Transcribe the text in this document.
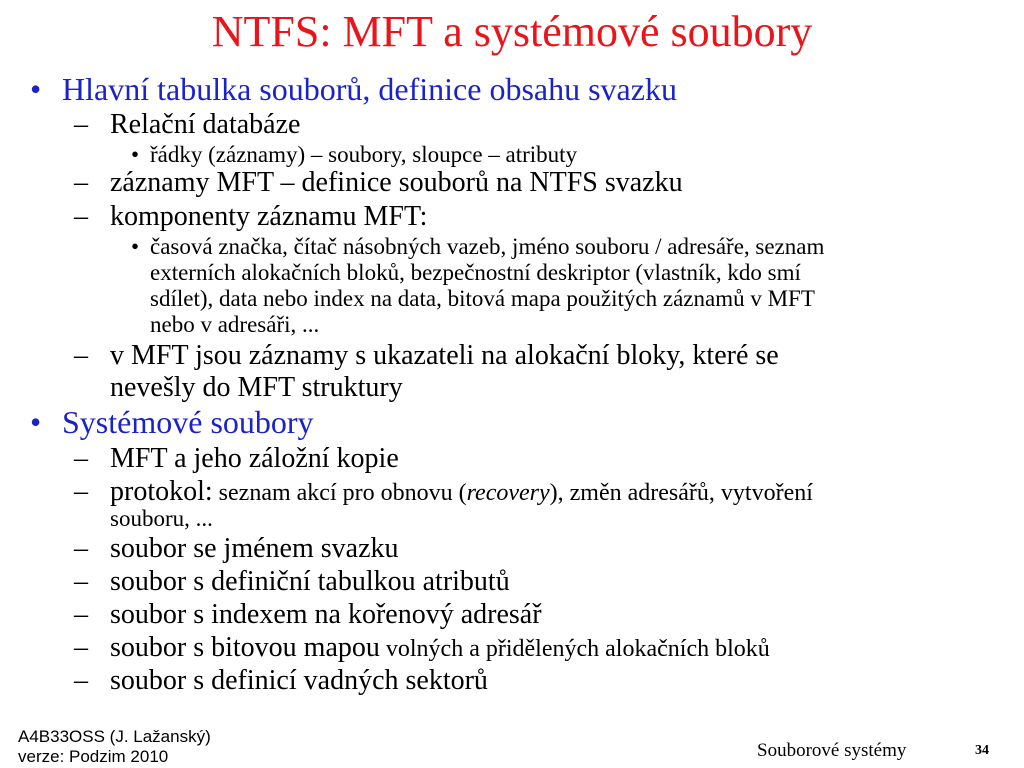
NTFS: MFT a systémové soubory
• Hlavní tabulka souborů, definice obsahu svazku
– Relační databáze
• řádky (záznamy) – soubory, sloupce – atributy
– záznamy MFT – definice souborů na NTFS svazku
– komponenty záznamu MFT:
• časová značka, čítač násobných vazeb, jméno souboru / adresáře, seznam
externích alokačních bloků, bezpečnostní deskriptor (vlastník, kdo smí
sdílet), data nebo index na data, bitová mapa použitých záznamů v MFT
nebo v adresáři, ...
– v MFT jsou záznamy s ukazateli na alokační bloky, které se
nevešly do MFT struktury
• Systémové soubory
– MFT a jeho záložní kopie
– protokol: seznam akcí pro obnovu (recovery), změn adresářů, vytvoření
souboru, ...
– soubor se jménem svazku
– soubor s definiční tabulkou atributů
– soubor s indexem na kořenový adresář
– soubor s bitovou mapou volných a přidělených alokačních bloků
– soubor s definicí vadných sektorů
A4B33OSS (J. Lažanský)
verze: Podzim 2010	Souborové systémy	34
